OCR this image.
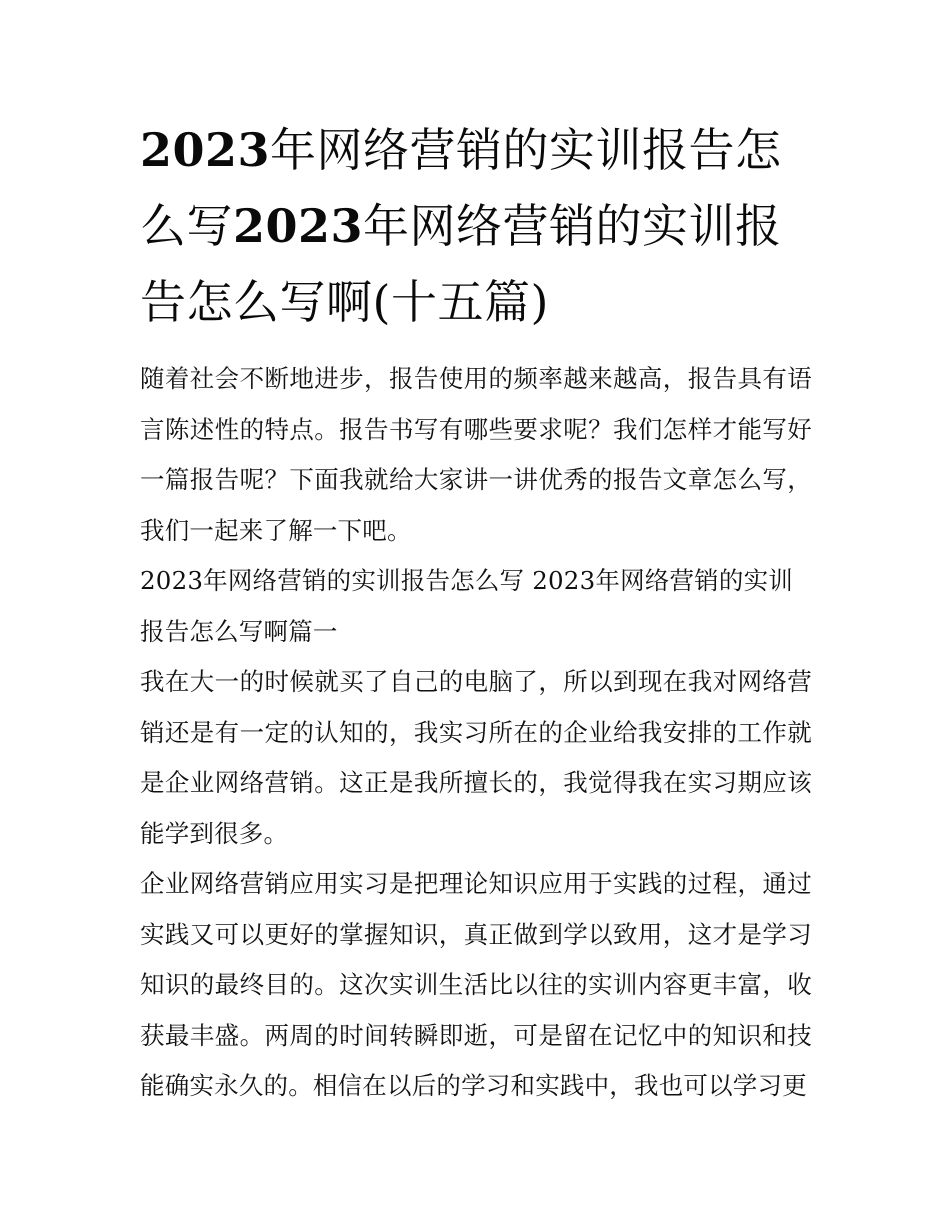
2023年网络营销的实训报告怎么写2023年网络营销的实训报告怎么写啊(十五篇)

随着社会不断地进步，报告使用的频率越来越高，报告具有语言陈述性的特点。报告书写有哪些要求呢？我们怎样才能写好一篇报告呢？下面我就给大家讲一讲优秀的报告文章怎么写，我们一起来了解一下吧。

2023年网络营销的实训报告怎么写 2023年网络营销的实训报告怎么写啊篇一

我在大一的时候就买了自己的电脑了，所以到现在我对网络营销还是有一定的认知的，我实习所在的企业给我安排的工作就是企业网络营销。这正是我所擅长的，我觉得我在实习期应该能学到很多。

企业网络营销应用实习是把理论知识应用于实践的过程，通过实践又可以更好的掌握知识，真正做到学以致用，这才是学习知识的最终目的。这次实训生活比以往的实训内容更丰富，收获最丰盛。两周的时间转瞬即逝，可是留在记忆中的知识和技能确实永久的。相信在以后的学习和实践中，我也可以学习更
